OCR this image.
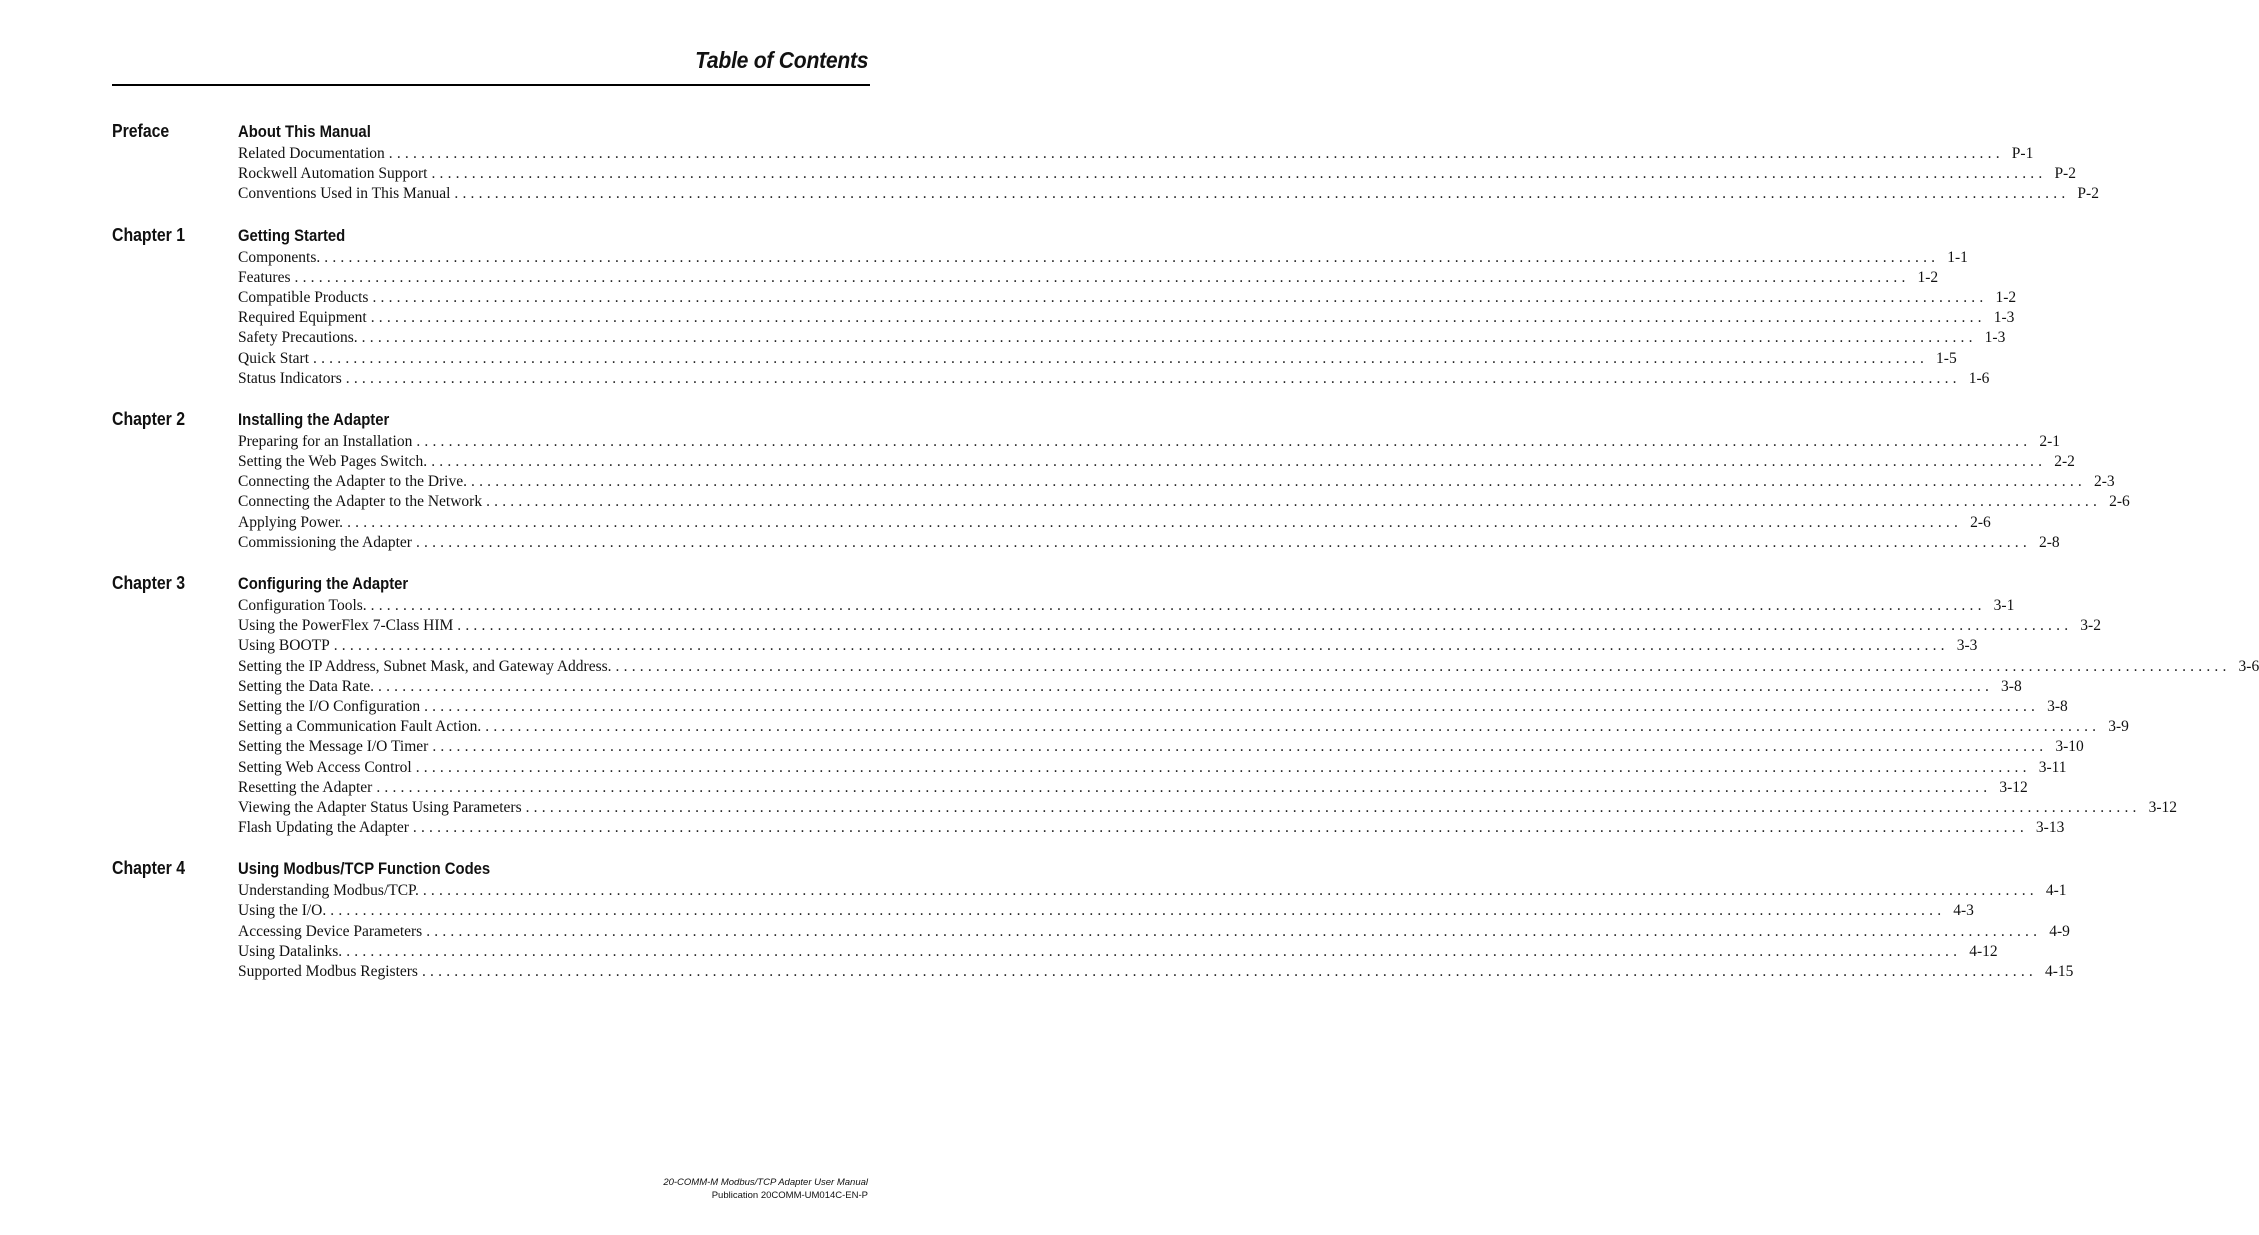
Table of Contents
Preface	About This Manual
Related Documentation ........................................................................................................................................................................................................ P-1
Rockwell Automation Support ........................................................................................................................................................................................................ P-2
Conventions Used in This Manual ........................................................................................................................................................................................................ P-2
Chapter 1	Getting Started
Components. ........................................................................................................................................................................................................ 1-1
Features ........................................................................................................................................................................................................ 1-2
Compatible Products ........................................................................................................................................................................................................ 1-2
Required Equipment ........................................................................................................................................................................................................ 1-3
Safety Precautions. ........................................................................................................................................................................................................ 1-3
Quick Start ........................................................................................................................................................................................................ 1-5
Status Indicators ........................................................................................................................................................................................................ 1-6
Chapter 2	Installing the Adapter
Preparing for an Installation ........................................................................................................................................................................................................ 2-1
Setting the Web Pages Switch. ........................................................................................................................................................................................................ 2-2
Connecting the Adapter to the Drive. ........................................................................................................................................................................................................ 2-3
Connecting the Adapter to the Network ........................................................................................................................................................................................................ 2-6
Applying Power. ........................................................................................................................................................................................................ 2-6
Commissioning the Adapter ........................................................................................................................................................................................................ 2-8
Chapter 3	Configuring the Adapter
Configuration Tools. ........................................................................................................................................................................................................ 3-1
Using the PowerFlex 7-Class HIM ........................................................................................................................................................................................................ 3-2
Using BOOTP ........................................................................................................................................................................................................ 3-3
Setting the IP Address, Subnet Mask, and Gateway Address. ........................................................................................................................................................................................................ 3-6
Setting the Data Rate. ........................................................................................................................................................................................................ 3-8
Setting the I/O Configuration ........................................................................................................................................................................................................ 3-8
Setting a Communication Fault Action. ........................................................................................................................................................................................................ 3-9
Setting the Message I/O Timer ........................................................................................................................................................................................................ 3-10
Setting Web Access Control ........................................................................................................................................................................................................ 3-11
Resetting the Adapter ........................................................................................................................................................................................................ 3-12
Viewing the Adapter Status Using Parameters ........................................................................................................................................................................................................ 3-12
Flash Updating the Adapter ........................................................................................................................................................................................................ 3-13
Chapter 4	Using Modbus/TCP Function Codes
Understanding Modbus/TCP. ........................................................................................................................................................................................................ 4-1
Using the I/O. ........................................................................................................................................................................................................ 4-3
Accessing Device Parameters ........................................................................................................................................................................................................ 4-9
Using Datalinks. ........................................................................................................................................................................................................ 4-12
Supported Modbus Registers ........................................................................................................................................................................................................ 4-15
20-COMM-M Modbus/TCP Adapter User Manual
Publication 20COMM-UM014C-EN-P
